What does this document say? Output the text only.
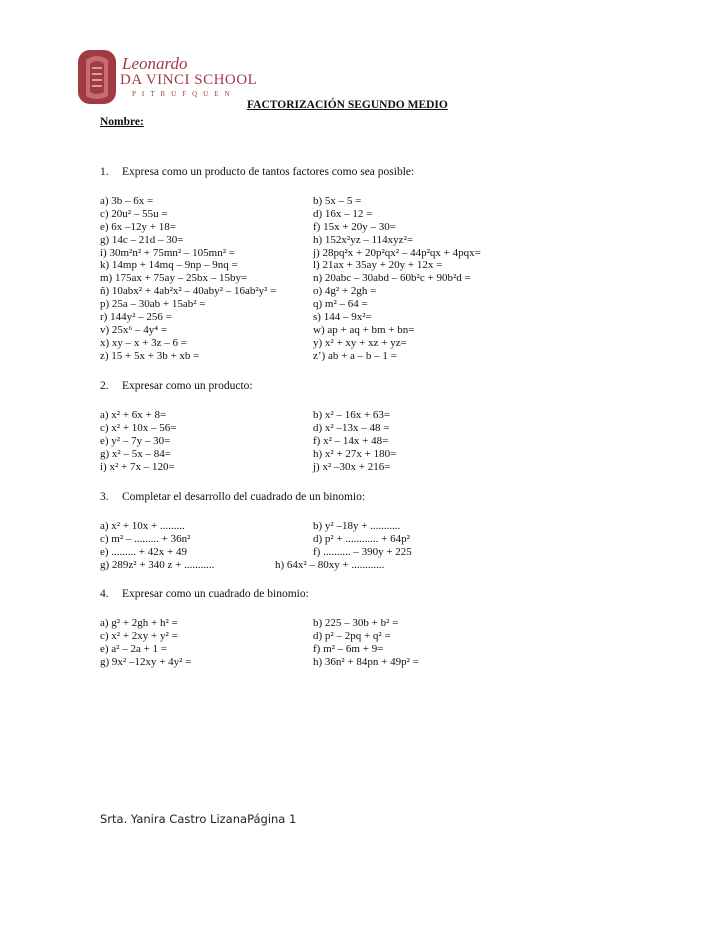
Leonardo
DA VINCI SCHOOL
PITRUFQUEN
FACTORIZACIÓN SEGUNDO MEDIO
Nombre:
1. Expresa como un producto de tantos factores como sea posible:
a) 3b – 6x =	b) 5x – 5 =
c) 20u² – 55u =	d) 16x – 12 =
e) 6x –12y + 18=	f) 15x + 20y – 30=
g) 14c – 21d – 30=	h) 152x²yz – 114xyz²=
i) 30m²n² + 75mn² – 105mn² =	j) 28pq²x + 20p²qx² – 44p²qx + 4pqx=
k) 14mp + 14mq – 9np – 9nq =	l) 21ax + 35ay + 20y + 12x =
m) 175ax + 75ay – 25bx – 15by=	n) 20abc – 30abd – 60b²c + 90b²d =
ñ) 10abx² + 4ab²x² – 40aby² – 16ab²y² =	o) 4g² + 2gh =
p) 25a – 30ab + 15ab² =	q) m² – 64 =
r) 144y² – 256 =	s) 144 – 9x²=
v) 25x⁶ – 4y⁴ =	w) ap + aq + bm + bn=
x) xy – x + 3z – 6 =	y) x² + xy + xz + yz=
z) 15 + 5x + 3b + xb =	z’) ab + a – b – 1 =
2. Expresar como un producto:
a) x² + 6x + 8=	b) x² – 16x + 63=
c) x² + 10x – 56=	d) x² –13x – 48 =
e) y² – 7y – 30=	f) x² – 14x + 48=
g) x² – 5x – 84=	h) x² + 27x + 180=
i) x² + 7x – 120=	j) x² –30x + 216=
3. Completar el desarrollo del cuadrado de un binomio:
a) x² + 10x + .........	b) y² –18y + ...........
c) m² – ......... + 36n²	d) p² + ............ + 64p²
e) ......... + 42x + 49	f) .......... – 390y + 225
g) 289z² + 340 z + ...........	h) 64x² – 80xy + ............
4. Expresar como un cuadrado de binomio:
a) g² + 2gh + h² =	b) 225 – 30b + b² =
c) x² + 2xy + y² =	d) p² – 2pq + q² =
e) a² – 2a + 1 =	f) m² – 6m + 9=
g) 9x² –12xy + 4y² =	h) 36n² + 84pn + 49p² =
Srta. Yanira Castro LizanaPágina 1
